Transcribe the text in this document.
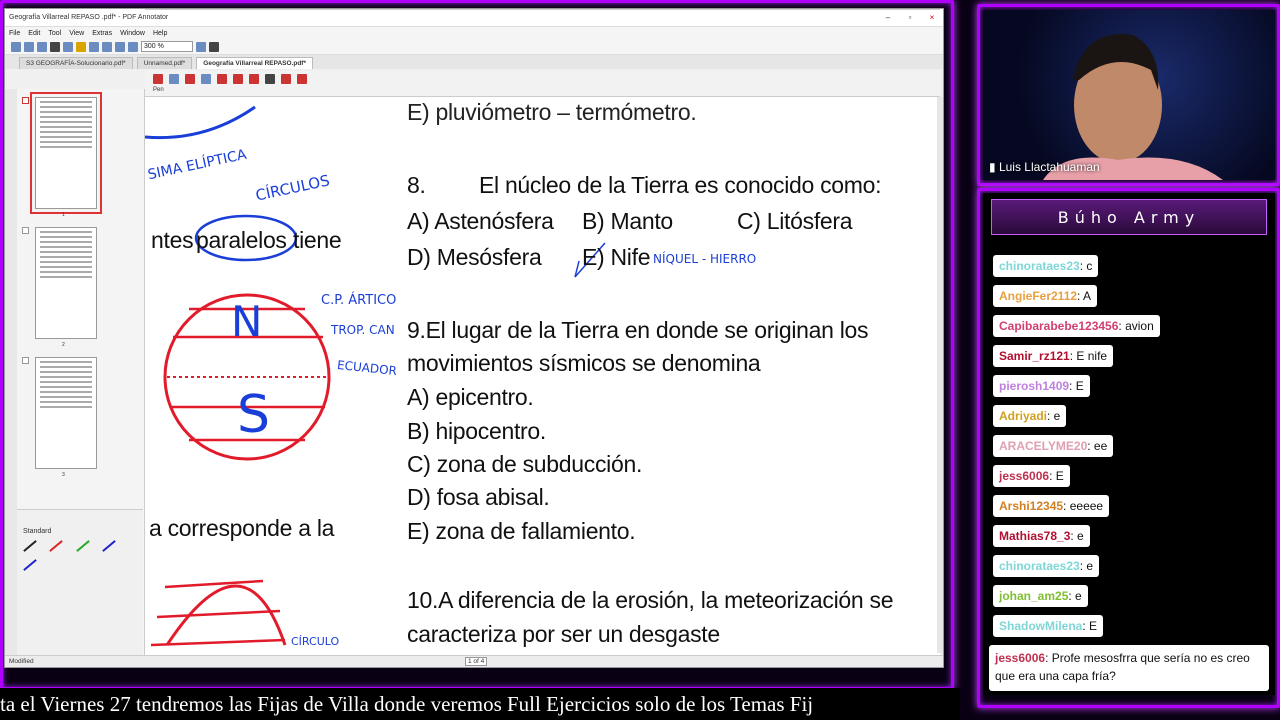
Geografía Villarreal REPASO .pdf* - PDF Annotator	–	▫	×
File Edit Tool View Extras Window Help
300 %
S3 GEOGRAFÍA-Solucionario.pdf*	Unnamed.pdf*	Geografía Villarreal REPASO.pdf*
1
2
3
Standard

Pen
E) pluviómetro – termómetro.
8. El núcleo de la Tierra es conocido como:
A) Astenósfera B) Manto	C) Litósfera
D) Mesósfera E) Nife
9.El lugar de la Tierra en donde se originan los
movimientos sísmicos se denomina
A) epicentro.
B) hipocentro.
C) zona de subducción.
D) fosa abisal.
E) zona de fallamiento.
10.A diferencia de la erosión, la meteorización se
caracteriza por ser un desgaste
ntes paralelos tiene
a corresponde a la
CÍRCULOS
SIMA ELÍPTICA
C.P. ÁRTICO
TROP. CAN
ECUADOR
NÍQUEL - HIERRO
CÍRCULO
N
S
Modified	1 of 4
▮ Luis Llactahuaman
Búho Army
chinorataes23: c
AngieFer2112: A
Capibarabebe123456: avion
Samir_rz121: E nife
pierosh1409: E
Adriyadi: e
ARACELYME20: ee
jess6006: E
Arshi12345: eeeee
Mathias78_3: e
chinorataes23: e
johan_am25: e
ShadowMilena: E
jess6006: Profe mesosfrra que sería no es creo que era una capa fría?
ta el Viernes 27 tendremos las Fijas de Villa donde veremos Full Ejercicios solo de los Temas Fij
